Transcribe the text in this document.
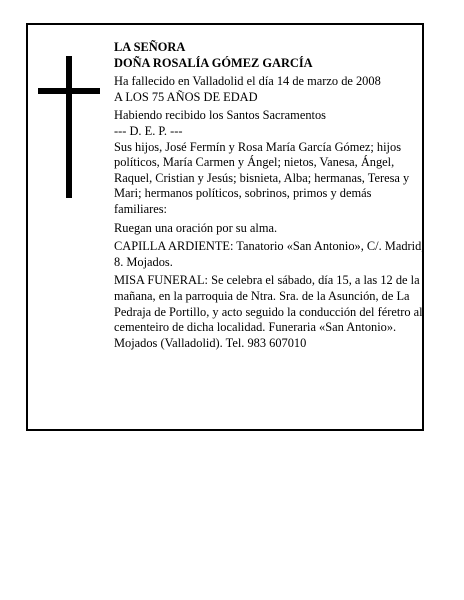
LA SEÑORA

DOÑA ROSALÍA GÓMEZ GARCÍA

Ha fallecido en Valladolid el día 14 de marzo de 2008

A LOS 75 AÑOS DE EDAD

Habiendo recibido los Santos Sacramentos

--- D. E. P. ---

Sus hijos, José Fermín y Rosa María García Gómez; hijos políticos, María Carmen y Ángel; nietos, Vanesa, Ángel, Raquel, Cristian y Jesús; bisnieta, Alba; hermanas, Teresa y Mari; hermanos políticos, sobrinos, primos y demás familiares:

Ruegan una oración por su alma.

CAPILLA ARDIENTE: Tanatorio «San Antonio», C/. Madrid, 8. Mojados.

MISA FUNERAL: Se celebra el sábado, día 15, a las 12 de la mañana, en la parroquia de Ntra. Sra. de la Asunción, de La Pedraja de Portillo, y acto seguido la conducción del féretro al cementeiro de dicha localidad. Funeraria «San Antonio». Mojados (Valladolid). Tel. 983 607010
